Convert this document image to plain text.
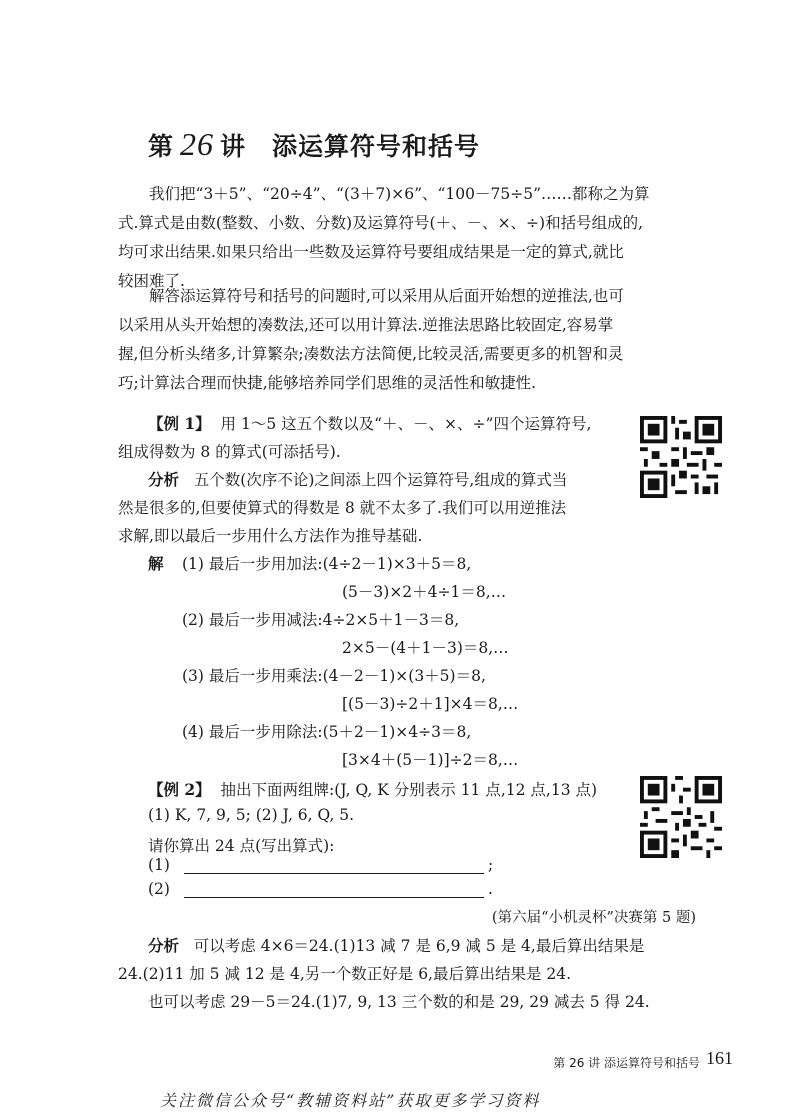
第 26 讲 添运算符号和括号
我们把“3＋5”、“20÷4”、“(3＋7)×6”、“100－75÷5”……都称之为算
式.算式是由数(整数、小数、分数)及运算符号(＋、－、×、÷)和括号组成的,
均可求出结果.如果只给出一些数及运算符号要组成结果是一定的算式,就比
较困难了.
解答添运算符号和括号的问题时,可以采用从后面开始想的逆推法,也可
以采用从头开始想的凑数法,还可以用计算法.逆推法思路比较固定,容易掌
握,但分析头绪多,计算繁杂;凑数法方法简便,比较灵活,需要更多的机智和灵
巧;计算法合理而快捷,能够培养同学们思维的灵活性和敏捷性.
【例 1】 用 1～5 这五个数以及“＋、－、×、÷”四个运算符号,
组成得数为 8 的算式(可添括号).
分析 五个数(次序不论)之间添上四个运算符号,组成的算式当
然是很多的,但要使算式的得数是 8 就不太多了.我们可以用逆推法
求解,即以最后一步用什么方法作为推导基础.
解 (1) 最后一步用加法:(4÷2－1)×3＋5＝8,
(5－3)×2＋4÷1＝8,…
(2) 最后一步用减法:4÷2×5＋1－3＝8,
2×5－(4＋1－3)＝8,…
(3) 最后一步用乘法:(4－2－1)×(3＋5)＝8,
[(5－3)÷2＋1]×4＝8,…
(4) 最后一步用除法:(5＋2－1)×4÷3＝8,
[3×4＋(5－1)]÷2＝8,…
【例 2】 抽出下面两组牌:(J, Q, K 分别表示 11 点,12 点,13 点)
(1) K, 7, 9, 5; (2) J, 6, Q, 5.
请你算出 24 点(写出算式):
(1)	;
(2)	.
(第六届“小机灵杯”决赛第 5 题)
分析 可以考虑 4×6＝24.(1)13 减 7 是 6,9 减 5 是 4,最后算出结果是
24.(2)11 加 5 减 12 是 4,另一个数正好是 6,最后算出结果是 24.
也可以考虑 29－5＝24.(1)7, 9, 13 三个数的和是 29, 29 减去 5 得 24.
第 26 讲 添运算符号和括号 161
关注微信公众号“教辅资料站”获取更多学习资料
